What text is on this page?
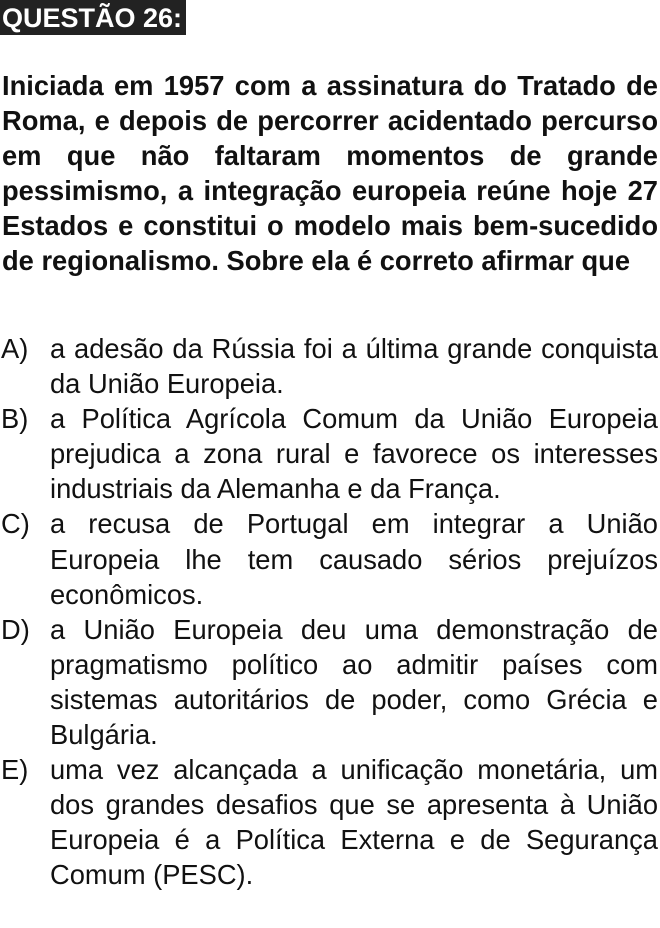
QUESTÃO 26:

Iniciada em 1957 com a assinatura do Tratado de Roma, e depois de percorrer acidentado percurso em que não faltaram momentos de grande pessimismo, a integração europeia reúne hoje 27 Estados e constitui o modelo mais bem-sucedido de regionalismo. Sobre ela é correto afirmar que

A) a adesão da Rússia foi a última grande conquista da União Europeia.
B) a Política Agrícola Comum da União Europeia prejudica a zona rural e favorece os interesses industriais da Alemanha e da França.
C) a recusa de Portugal em integrar a União Europeia lhe tem causado sérios prejuízos econômicos.
D) a União Europeia deu uma demonstração de pragmatismo político ao admitir países com sistemas autoritários de poder, como Grécia e Bulgária.
E) uma vez alcançada a unificação monetária, um dos grandes desafios que se apresenta à União Europeia é a Política Externa e de Segurança Comum (PESC).
